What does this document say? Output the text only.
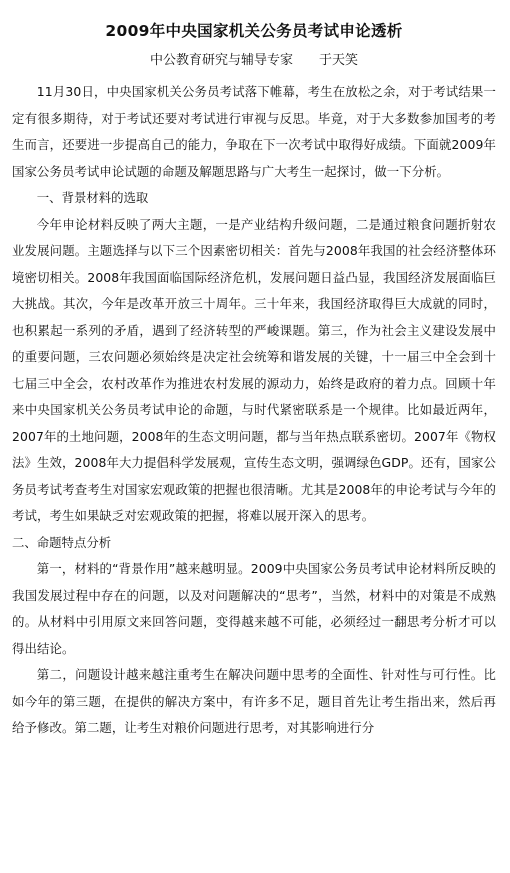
2009年中央国家机关公务员考试申论透析
中公教育研究与辅导专家 于天笑

11月30日，中央国家机关公务员考试落下帷幕，考生在放松之余，对于考试结果一定有很多期待，对于考试还要对考试进行审视与反思。毕竟，对于大多数参加国考的考生而言，还要进一步提高自己的能力，争取在下一次考试中取得好成绩。下面就2009年国家公务员考试申论试题的命题及解题思路与广大考生一起探讨，做一下分析。

一、背景材料的选取

今年申论材料反映了两大主题，一是产业结构升级问题，二是通过粮食问题折射农业发展问题。主题选择与以下三个因素密切相关：首先与2008年我国的社会经济整体环境密切相关。2008年我国面临国际经济危机，发展问题日益凸显，我国经济发展面临巨大挑战。其次，今年是改革开放三十周年。三十年来，我国经济取得巨大成就的同时，也积累起一系列的矛盾，遇到了经济转型的严峻课题。第三，作为社会主义建设发展中的重要问题，三农问题必须始终是决定社会统筹和谐发展的关键，十一届三中全会到十七届三中全会，农村改革作为推进农村发展的源动力，始终是政府的着力点。回顾十年来中央国家机关公务员考试申论的命题，与时代紧密联系是一个规律。比如最近两年，2007年的土地问题，2008年的生态文明问题，都与当年热点联系密切。2007年《物权法》生效，2008年大力提倡科学发展观，宣传生态文明，强调绿色GDP。还有，国家公务员考试考查考生对国家宏观政策的把握也很清晰。尤其是2008年的申论考试与今年的考试，考生如果缺乏对宏观政策的把握，将难以展开深入的思考。

二、命题特点分析

第一，材料的“背景作用”越来越明显。2009中央国家公务员考试申论材料所反映的我国发展过程中存在的问题，以及对问题解决的“思考”，当然，材料中的对策是不成熟的。从材料中引用原文来回答问题，变得越来越不可能，必须经过一翻思考分析才可以得出结论。

第二，问题设计越来越注重考生在解决问题中思考的全面性、针对性与可行性。比如今年的第三题，在提供的解决方案中，有许多不足，题目首先让考生指出来，然后再给予修改。第二题，让考生对粮价问题进行思考，对其影响进行分
